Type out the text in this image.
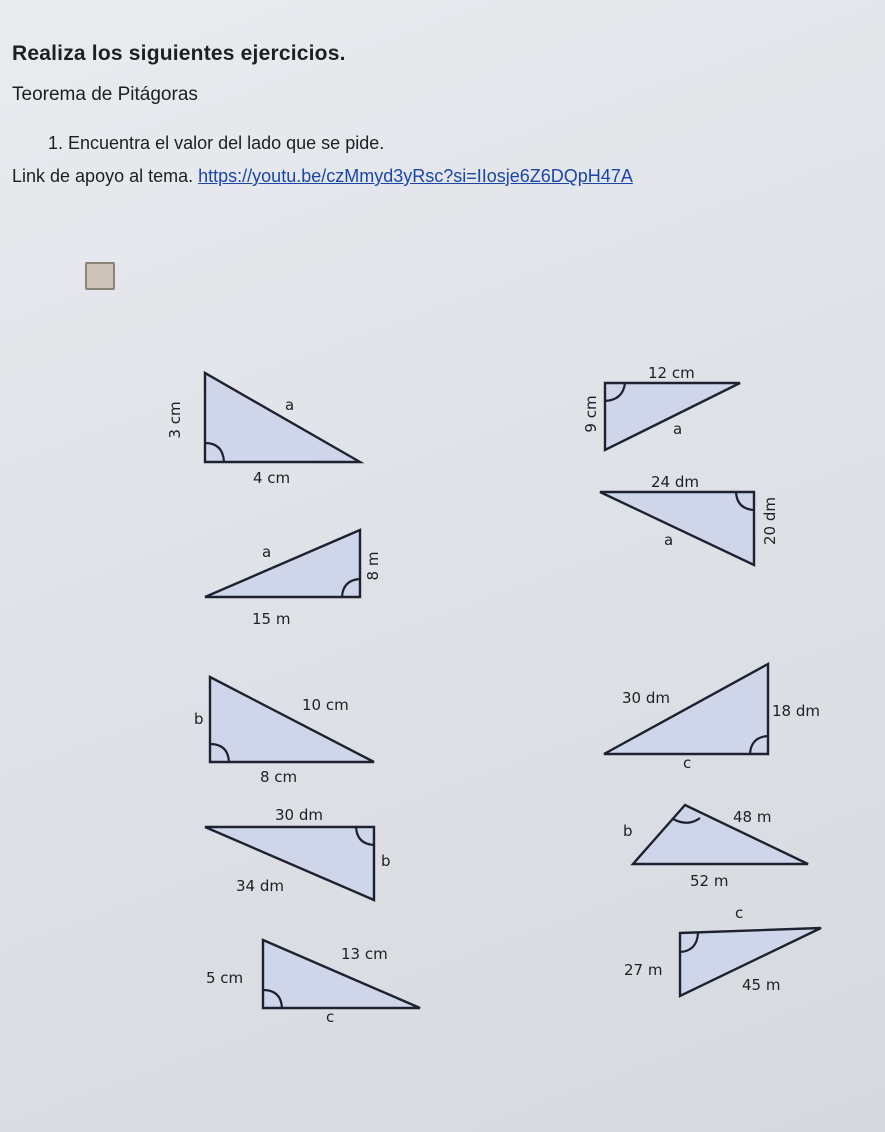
Realiza los siguientes ejercicios.
Teorema de Pitágoras
1. Encuentra el valor del lado que se pide.
Link de apoyo al tema. https://youtu.be/czMmyd3yRsc?si=IIosje6Z6DQpH47A
3 cm	a
4 cm
12 cm
9 cm	a
24 dm
20 dm
a
a	8 m
15 m
b
10 cm
8 cm
30 dm
18 dm
c
30 dm
b
34 dm
b
48 m
52 m
13 cm
5 cm
c
c
27 m
45 m
